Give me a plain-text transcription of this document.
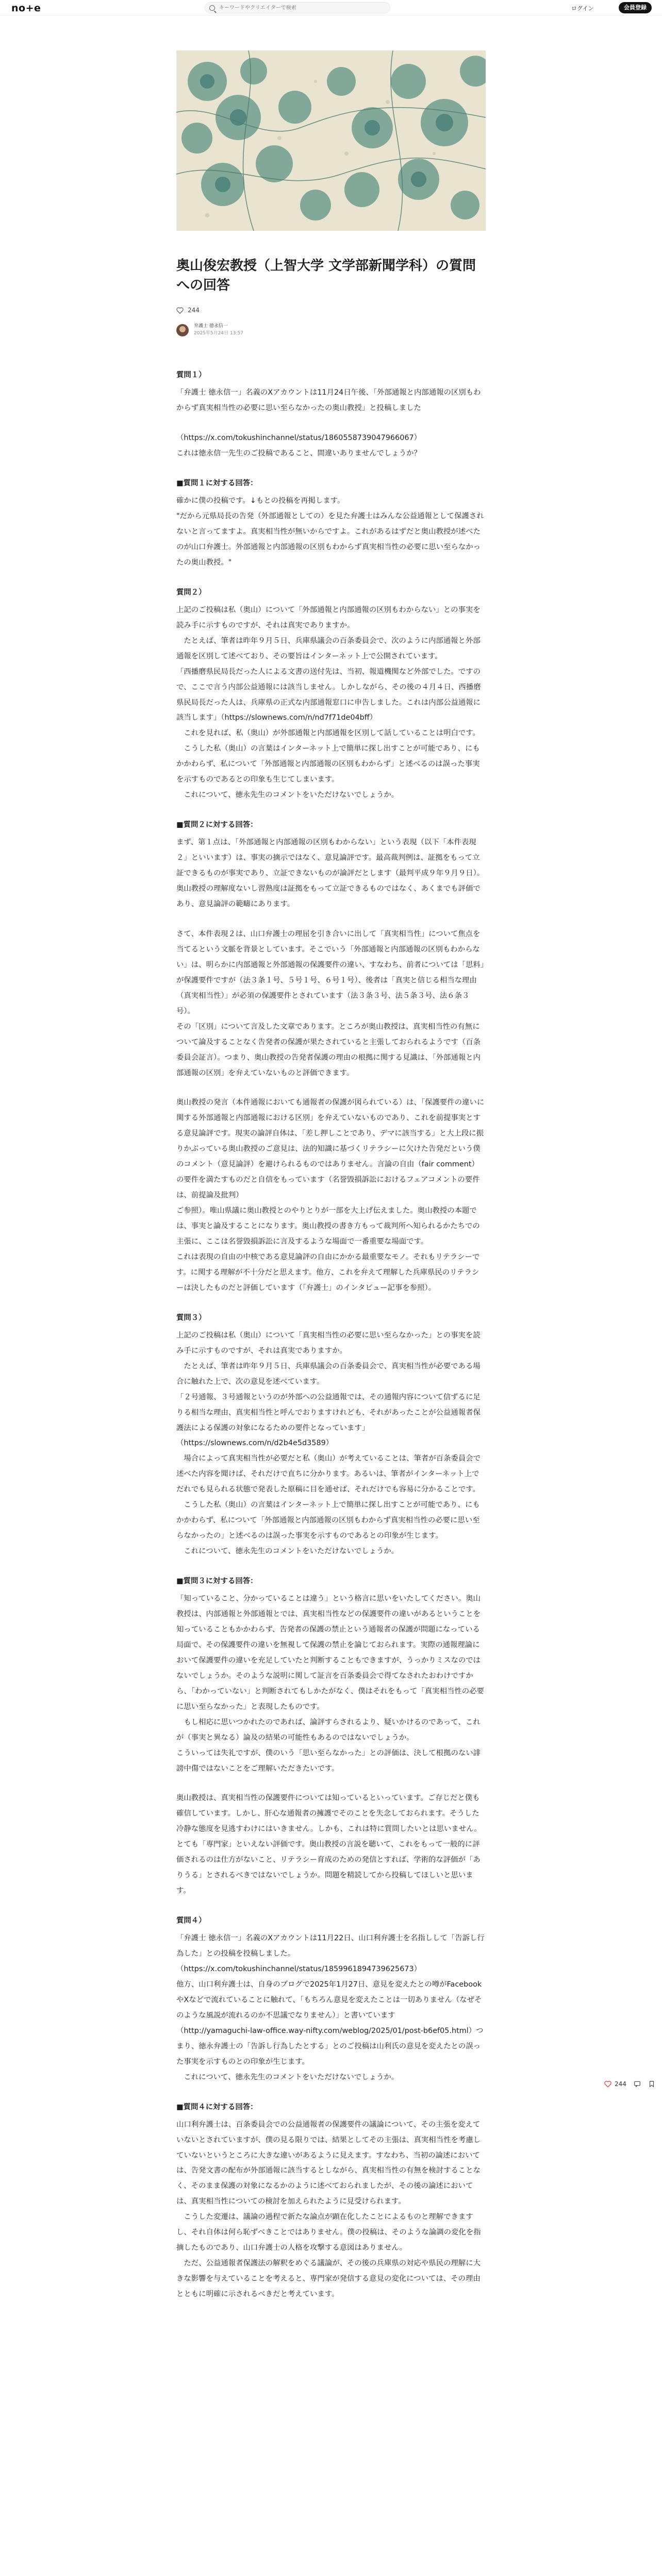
no+e
キーワードやクリエイターで検索	ログイン	会員登録
奥山俊宏教授（上智大学 文学部新聞学科）の質問への回答
244
弁護士 德永信一
2025年5月24日 13:57
質問１）
「弁護士 徳永信一」名義のXアカウントは11月24日午後、「外部通報と内部通報の区別もわからず真実相当性の必要に思い至らなかったの奥山教授」と投稿しました
（https://x.com/tokushinchannel/status/1860558739047966067）
これは徳永信一先生のご投稿であること、間違いありませんでしょうか？
■質問１に対する回答：
確かに僕の投稿です。↓もとの投稿を再掲します。
"だから元県局長の告発（外部通報としての）を見た弁護士はみんな公益通報として保護されないと言ってますよ。真実相当性が無いからですよ。これがあるはずだと奥山教授が述べたのが山口弁護士。外部通報と内部通報の区別もわからず真実相当性の必要に思い至らなかったの奥山教授。"
質問２）
上記のご投稿は私（奥山）について「外部通報と内部通報の区別もわからない」との事実を読み手に示すものですが、それは真実でありますか。
　たとえば、筆者は昨年９月５日、兵庫県議会の百条委員会で、次のように内部通報と外部通報を区別して述べており、その要旨はインターネット上で公開されています。
「西播磨県民局長だった人による文書の送付先は、当初、報道機関など外部でした。ですので、ここで言う内部公益通報には該当しません。しかしながら、その後の４月４日、西播磨県民局長だった人は、兵庫県の正式な内部通報窓口に申告しました。これは内部公益通報に該当します」（https://slownews.com/n/nd7f71de04bff）
　これを見れば、私（奥山）が外部通報と内部通報を区別して話していることは明白です。
　こうした私（奥山）の言葉はインターネット上で簡単に探し出すことが可能であり、にもかかわらず、私について「外部通報と内部通報の区別もわからず」と述べるのは誤った事実を示すものであるとの印象も生じてしまいます。
　これについて、徳永先生のコメントをいただけないでしょうか。
■質問２に対する回答：
まず、第１点は、「外部通報と内部通報の区別もわからない」という表現（以下「本件表現２」といいます）は、事実の摘示ではなく、意見論評です。最高裁判例は、証拠をもって立証できるものが事実であり、立証できないものが論評だとします（最判平成９年９月９日）。奥山教授の理解度ないし習熟度は証拠をもって立証できるものではなく、あくまでも評価であり、意見論評の範疇にあります。
さて、本件表現２は、山口弁護士の理屈を引き合いに出して「真実相当性」について焦点を当てるという文脈を背景としています。そこでいう「外部通報と内部通報の区別もわからない」は、明らかに内部通報と外部通報の保護要件の違い、すなわち、前者については「思料」が保護要件ですが（法３条１号、５号１号、６号１号）、後者は「真実と信じる相当な理由（真実相当性）」が必須の保護要件とされています（法３条３号、法５条３号、法６条３号）。
その「区別」について言及した文章であります。ところが奥山教授は、真実相当性の有無について論及することなく告発者の保護が果たされていると主張しておられるようです（百条委員会証言）。つまり、奥山教授の告発者保護の理由の根拠に関する見識は、「外部通報と内部通報の区別」を弁えていないものと評価できます。
奥山教授の発言（本件通報においても通報者の保護が図られている）は、「保護要件の違いに関する外部通報と内部通報における区別」を弁えていないものであり、これを前提事実とする意見論評です。現実の論評自体は、「差し押しことであり、デマに該当する」と大上段に振りかぶっている奥山教授のご意見は、法的知識に基づくリテラシーに欠けた告発だという僕のコメント（意見論評）を避けられるものではありません。言論の自由（fair comment）の要件を満たすものだと自信をもっています（名誉毀損訴訟におけるフェアコメントの要件は、前提論及批判）
ご参照）。唯山県議に奥山教授とのやりとりが一部を大上げ伝えました。奥山教授の本題では、事実と論及することになります。奥山教授の書き方もって裁判所へ知られるかたちでの主張に、ここは名誉毀損訴訟に言及するような場面で一番重要な場面です。
これは表現の自由の中核である意見論評の自由にかかる最重要なモノ。それもリテラシーです。に関する理解が不十分だと思えます。他方、これを弁えて理解した兵庫県民のリテラシーは決したものだと評価しています（「弁護士」のインタビュー記事を参照）。
質問３）
上記のご投稿は私（奥山）について「真実相当性の必要に思い至らなかった」との事実を読み手に示すものですが、それは真実でありますか。
　たとえば、筆者は昨年９月５日、兵庫県議会の百条委員会で、真実相当性が必要である場合に触れた上で、次の意見を述べています。
「２号通報、３号通報というのが外部への公益通報では、その通報内容について信ずるに足りる相当な理由、真実相当性と呼んでおりますけれども、それがあったことが公益通報者保護法による保護の対象になるための要件となっています」（https://slownews.com/n/d2b4e5d3589）
　場合によって真実相当性が必要だと私（奥山）が考えていることは、筆者が百条委員会で述べた内容を聞けば、それだけで直ちに分かります。あるいは、筆者がインターネット上でだれでも見られる状態で発表した原稿に目を通せば、それだけでも容易に分かることです。
　こうした私（奥山）の言葉はインターネット上で簡単に探し出すことが可能であり、にもかかわらず、私について「外部通報と内部通報の区別もわからず真実相当性の必要に思い至らなかったの」と述べるのは誤った事実を示すものであるとの印象が生じます。
　これについて、徳永先生のコメントをいただけないでしょうか。
■質問３に対する回答：
「知っていること、分かっていることは違う」という格言に思いをいたしてください。奥山教授は、内部通報と外部通報とでは、真実相当性などの保護要件の違いがあるということを知っていることもかかわらず、告発者の保護の禁止という通報者の保護が問題になっている局面で、その保護要件の違いを無視して保護の禁止を論じておられます。実際の通報理論において保護要件の違いを充足していたと判断することもできますが、うっかりミスなのではないでしょうか。そのような説明に関して証言を百条委員会で得てなされたおわけですから、「わかっていない」と判断されてもしかたがなく、僕はそれをもって「真実相当性の必要に思い至らなかった」と表現したものです。
　もし相応に思いつかれたのであれば、論評すらされるより、疑いかけるのであって、これが（事実と異なる）論及の結果の可能性もあるのではないでしょうか。
こういっては失礼ですが、僕のいう「思い至らなかった」との評価は、決して根拠のない誹謗中傷ではないことをご理解いただきたいです。
奥山教授は、真実相当性の保護要件については知っているといっています。ご存じだと僕も確信しています。しかし、肝心な通報者の擁護でそのことを失念しておられます。そうした冷静な態度を見逃すわけにはいきません。しかも、これは特に質問したいとは思いません。とても「専門家」といえない評価です。奥山教授の言説を聴いて、これをもって一般的に評価されるのは仕方がないこと、リテラシー育成のための発信とすれば、学術的な評価が「ありうる」とされるべきではないでしょうか。問題を精読してから投稿してほしいと思います。
質問４）
「弁護士 徳永信一」名義のXアカウントは11月22日、山口利弁護士を名指しして「告訴し行為した」との投稿を投稿しました。
（https://x.com/tokushinchannel/status/1859961894739625673）
他方、山口利弁護士は、自身のブログで2025年1月27日、意見を変えたとの噂がFacebookやXなどで流れていることに触れて、「もちろん意見を変えたことは一切ありません（なぜそのような風説が流れるのか不思議でなりません）」と書いています
（http://yamaguchi-law-office.way-nifty.com/weblog/2025/01/post-b6ef05.html）つまり、徳永弁護士の「告訴し行為したとする」とのご投稿は山利氏の意見を変えたとの誤った事実を示すものとの印象が生じます。
　これについて、徳永先生のコメントをいただけないでしょうか。
■質問４に対する回答：
山口利弁護士は、百条委員会での公益通報者の保護要件の議論について、その主張を変えていないとされていますが、僕の見る限りでは、結果としてその主張は、真実相当性を考慮していないというところに大きな違いがあるように見えます。すなわち、当初の論述においては、告発文書の配布が外部通報に該当するとしながら、真実相当性の有無を検討することなく、そのまま保護の対象になるかのように述べておられましたが、その後の論述においては、真実相当性についての検討を加えられたように見受けられます。
　こうした変遷は、議論の過程で新たな論点が顕在化したことによるものと理解できますし、それ自体は何ら恥ずべきことではありません。僕の投稿は、そのような論調の変化を指摘したものであり、山口弁護士の人格を攻撃する意図はありません。
　ただ、公益通報者保護法の解釈をめぐる議論が、その後の兵庫県の対応や県民の理解に大きな影響を与えていることを考えると、専門家が発信する意見の変化については、その理由とともに明確に示されるべきだと考えています。
244
